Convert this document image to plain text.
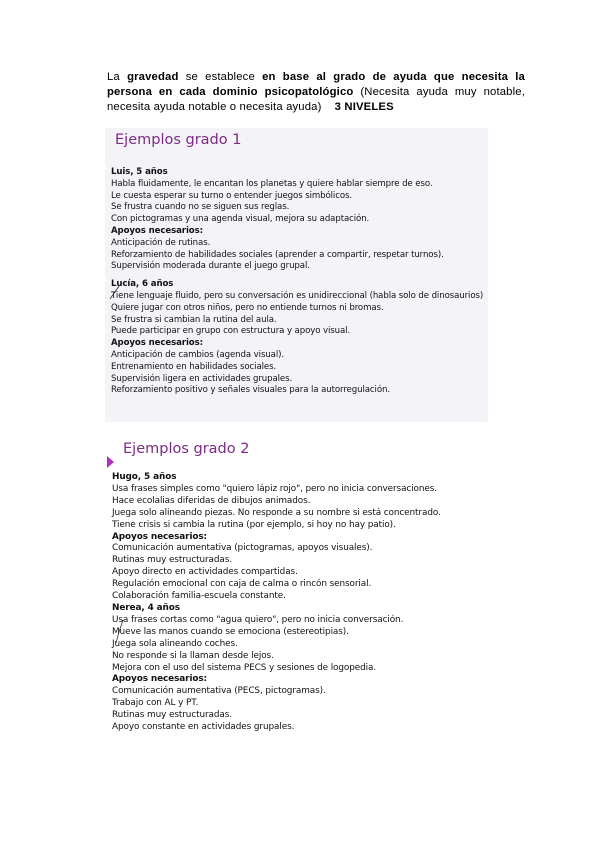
La gravedad se establece en base al grado de ayuda que necesita la persona en cada dominio psicopatológico (Necesita ayuda muy notable, necesita ayuda notable o necesita ayuda) 3 NIVELES
Ejemplos grado 1
Luis, 5 años
Habla fluidamente, le encantan los planetas y quiere hablar siempre de eso.
Le cuesta esperar su turno o entender juegos simbólicos.
Se frustra cuando no se siguen sus reglas.
Con pictogramas y una agenda visual, mejora su adaptación.
Apoyos necesarios:
Anticipación de rutinas.
Reforzamiento de habilidades sociales (aprender a compartir, respetar turnos).
Supervisión moderada durante el juego grupal.
Lucía, 6 años
Tiene lenguaje fluido, pero su conversación es unidireccional (habla solo de dinosaurios)
Quiere jugar con otros niños, pero no entiende turnos ni bromas.
Se frustra si cambian la rutina del aula.
Puede participar en grupo con estructura y apoyo visual.
Apoyos necesarios:
Anticipación de cambios (agenda visual).
Entrenamiento en habilidades sociales.
Supervisión ligera en actividades grupales.
Reforzamiento positivo y señales visuales para la autorregulación.
Ejemplos grado 2
Hugo, 5 años
Usa frases simples como "quiero lápiz rojo", pero no inicia conversaciones.
Hace ecolalias diferidas de dibujos animados.
Juega solo alineando piezas. No responde a su nombre si está concentrado.
Tiene crisis si cambia la rutina (por ejemplo, si hoy no hay patio).
Apoyos necesarios:
Comunicación aumentativa (pictogramas, apoyos visuales).
Rutinas muy estructuradas.
Apoyo directo en actividades compartidas.
Regulación emocional con caja de calma o rincón sensorial.
Colaboración familia-escuela constante.
Nerea, 4 años
Usa frases cortas como "agua quiero", pero no inicia conversación.
Mueve las manos cuando se emociona (estereotipias).
Juega sola alineando coches.
No responde si la llaman desde lejos.
Mejora con el uso del sistema PECS y sesiones de logopedia.
Apoyos necesarios:
Comunicación aumentativa (PECS, pictogramas).
Trabajo con AL y PT.
Rutinas muy estructuradas.
Apoyo constante en actividades grupales.
